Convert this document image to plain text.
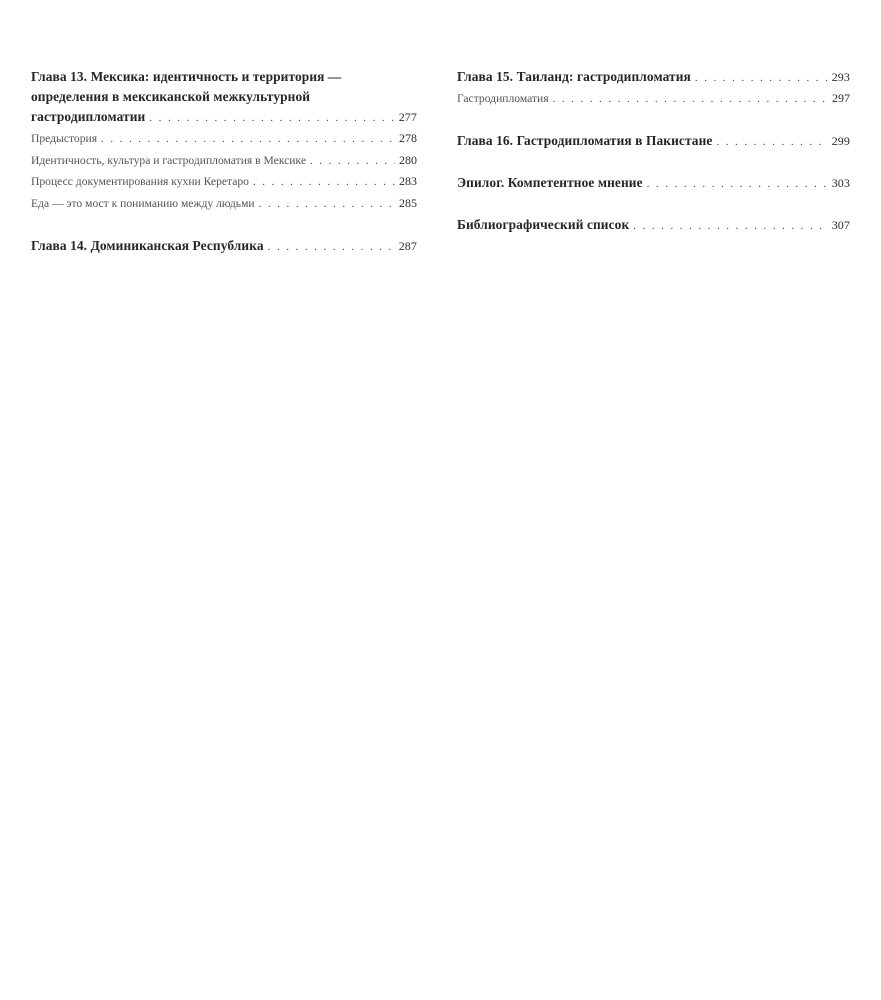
Глава 13. Мексика: идентичность и территория —
определения в мексиканской межкультурной
гастродипломатии . . .	277
Предыстория . . .	278
Идентичность, культура и гастродипломатия в Мексике . . .	280
Процесс документирования кухни Керетаро . . .	283
Еда — это мост к пониманию между людьми . . .	285
Глава 14. Доминиканская Республика . . .	287
Глава 15. Таиланд: гастродипломатия . . .	293
Гастродипломатия . . .	297
Глава 16. Гастродипломатия в Пакистане . . .	299
Эпилог. Компетентное мнение . . .	303
Библиографический список . . .	307
